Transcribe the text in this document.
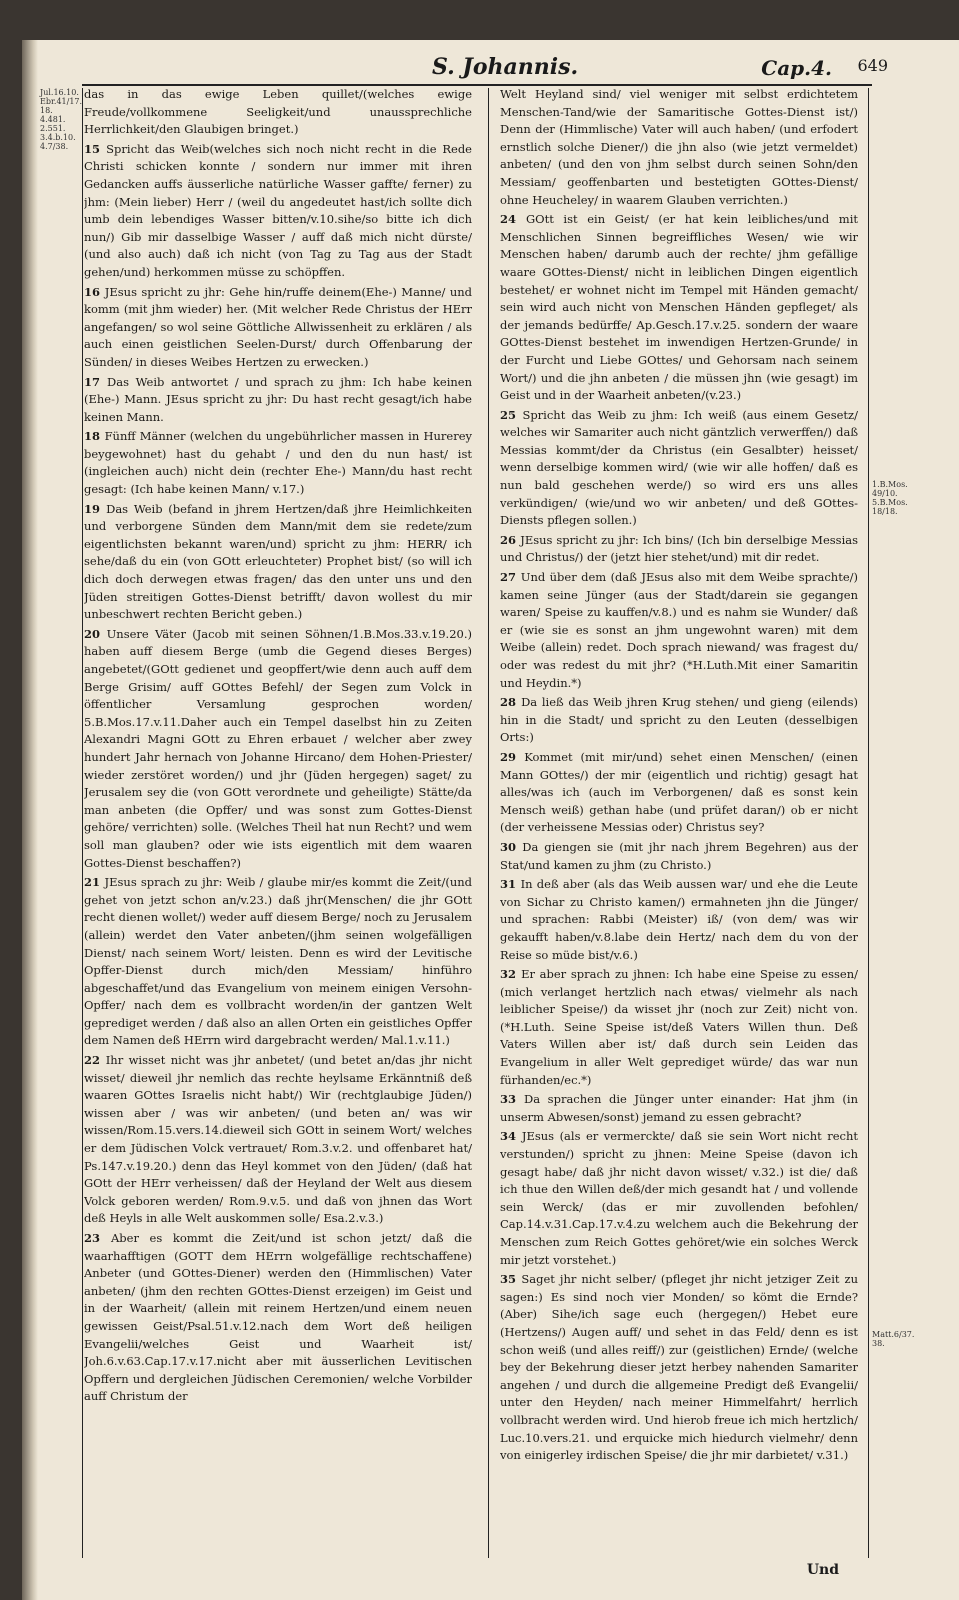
S. Johannis.	Cap.4. 649
Jul.16.10. Ebr.41/17. 18. 4.481. 2.551. 3.4.b.10. 4.7/38.
1.B.Mos. 49/10. 5.B.Mos. 18/18.
Matt.6/37. 38.

das in das ewige Leben quillet/(welches ewige Freude/vollkommene Seeligkeit/und unaussprechliche Herrlichkeit/den Glaubigen bringet.)

15 Spricht das Weib(welches sich noch nicht recht in die Rede Christi schicken konnte / sondern nur immer mit ihren Gedancken auffs äusserliche natürliche Wasser gaffte/ ferner) zu jhm: (Mein lieber) Herr / (weil du angedeutet hast/ich sollte dich umb dein lebendiges Wasser bitten/v.10.sihe/so bitte ich dich nun/) Gib mir dasselbige Wasser / auff daß mich nicht dürste/ (und also auch) daß ich nicht (von Tag zu Tag aus der Stadt gehen/und) herkommen müsse zu schöpffen.

16 JEsus spricht zu jhr: Gehe hin/ruffe deinem(Ehe-) Manne/ und komm (mit jhm wieder) her. (Mit welcher Rede Christus der HErr angefangen/ so wol seine Göttliche Allwissenheit zu erklären / als auch einen geistlichen Seelen-Durst/ durch Offenbarung der Sünden/ in dieses Weibes Hertzen zu erwecken.)

17 Das Weib antwortet / und sprach zu jhm: Ich habe keinen (Ehe-) Mann. JEsus spricht zu jhr: Du hast recht gesagt/ich habe keinen Mann.

18 Fünff Männer (welchen du ungebührlicher massen in Hurerey beygewohnet) hast du gehabt / und den du nun hast/ ist (ingleichen auch) nicht dein (rechter Ehe-) Mann/du hast recht gesagt: (Ich habe keinen Mann/ v.17.)

19 Das Weib (befand in jhrem Hertzen/daß jhre Heimlichkeiten und verborgene Sünden dem Mann/mit dem sie redete/zum eigentlichsten bekannt waren/und) spricht zu jhm: HERR/ ich sehe/daß du ein (von GOtt erleuchteter) Prophet bist/ (so will ich dich doch derwegen etwas fragen/ das den unter uns und den Jüden streitigen Gottes-Dienst betrifft/ davon wollest du mir unbeschwert rechten Bericht geben.)

20 Unsere Väter (Jacob mit seinen Söhnen/1.B.Mos.33.v.19.20.) haben auff diesem Berge (umb die Gegend dieses Berges) angebetet/(GOtt gedienet und geopffert/wie denn auch auff dem Berge Grisim/ auff GOttes Befehl/ der Segen zum Volck in öffentlicher Versamlung gesprochen worden/ 5.B.Mos.17.v.11.Daher auch ein Tempel daselbst hin zu Zeiten Alexandri Magni GOtt zu Ehren erbauet / welcher aber zwey hundert Jahr hernach von Johanne Hircano/ dem Hohen-Priester/ wieder zerstöret worden/) und jhr (Jüden hergegen) saget/ zu Jerusalem sey die (von GOtt verordnete und geheiligte) Stätte/da man anbeten (die Opffer/ und was sonst zum Gottes-Dienst gehöre/ verrichten) solle. (Welches Theil hat nun Recht? und wem soll man glauben? oder wie ists eigentlich mit dem waaren Gottes-Dienst beschaffen?)

21 JEsus sprach zu jhr: Weib / glaube mir/es kommt die Zeit/(und gehet von jetzt schon an/v.23.) daß jhr(Menschen/ die jhr GOtt recht dienen wollet/) weder auff diesem Berge/ noch zu Jerusalem (allein) werdet den Vater anbeten/(jhm seinen wolgefälligen Dienst/ nach seinem Wort/ leisten. Denn es wird der Levitische Opffer-Dienst durch mich/den Messiam/ hinführo abgeschaffet/und das Evangelium von meinem einigen Versohn-Opffer/ nach dem es vollbracht worden/in der gantzen Welt geprediget werden / daß also an allen Orten ein geistliches Opffer dem Namen deß HErrn wird dargebracht werden/ Mal.1.v.11.)

22 Ihr wisset nicht was jhr anbetet/ (und betet an/das jhr nicht wisset/ dieweil jhr nemlich das rechte heylsame Erkänntniß deß waaren GOttes Israelis nicht habt/) Wir (rechtglaubige Jüden/) wissen aber / was wir anbeten/ (und beten an/ was wir wissen/Rom.15.vers.14.dieweil sich GOtt in seinem Wort/ welches er dem Jüdischen Volck vertrauet/ Rom.3.v.2. und offenbaret hat/ Ps.147.v.19.20.) denn das Heyl kommet von den Jüden/ (daß hat GOtt der HErr verheissen/ daß der Heyland der Welt aus diesem Volck geboren werden/ Rom.9.v.5. und daß von jhnen das Wort deß Heyls in alle Welt auskommen solle/ Esa.2.v.3.)

23 Aber es kommt die Zeit/und ist schon jetzt/ daß die waarhafftigen (GOTT dem HErrn wolgefällige rechtschaffene) Anbeter (und GOttes-Diener) werden den (Himmlischen) Vater anbeten/ (jhm den rechten GOttes-Dienst erzeigen) im Geist und in der Waarheit/ (allein mit reinem Hertzen/und einem neuen gewissen Geist/Psal.51.v.12.nach dem Wort deß heiligen Evangelii/welches Geist und Waarheit ist/ Joh.6.v.63.Cap.17.v.17.nicht aber mit äusserlichen Levitischen Opffern und dergleichen Jüdischen Ceremonien/ welche Vorbilder auff Christum der

Welt Heyland sind/ viel weniger mit selbst erdichtetem Menschen-Tand/wie der Samaritische Gottes-Dienst ist/) Denn der (Himmlische) Vater will auch haben/ (und erfodert ernstlich solche Diener/) die jhn also (wie jetzt vermeldet) anbeten/ (und den von jhm selbst durch seinen Sohn/den Messiam/ geoffenbarten und bestetigten GOttes-Dienst/ ohne Heucheley/ in waarem Glauben verrichten.)

24 GOtt ist ein Geist/ (er hat kein leibliches/und mit Menschlichen Sinnen begreiffliches Wesen/ wie wir Menschen haben/ darumb auch der rechte/ jhm gefällige waare GOttes-Dienst/ nicht in leiblichen Dingen eigentlich bestehet/ er wohnet nicht im Tempel mit Händen gemacht/ sein wird auch nicht von Menschen Händen gepfleget/ als der jemands bedürffe/ Ap.Gesch.17.v.25. sondern der waare GOttes-Dienst bestehet im inwendigen Hertzen-Grunde/ in der Furcht und Liebe GOttes/ und Gehorsam nach seinem Wort/) und die jhn anbeten / die müssen jhn (wie gesagt) im Geist und in der Waarheit anbeten/(v.23.)

25 Spricht das Weib zu jhm: Ich weiß (aus einem Gesetz/ welches wir Samariter auch nicht gäntzlich verwerffen/) daß Messias kommt/der da Christus (ein Gesalbter) heisset/ wenn derselbige kommen wird/ (wie wir alle hoffen/ daß es nun bald geschehen werde/) so wird ers uns alles verkündigen/ (wie/und wo wir anbeten/ und deß GOttes-Diensts pflegen sollen.)

26 JEsus spricht zu jhr: Ich bins/ (Ich bin derselbige Messias und Christus/) der (jetzt hier stehet/und) mit dir redet.

27 Und über dem (daß JEsus also mit dem Weibe sprachte/) kamen seine Jünger (aus der Stadt/darein sie gegangen waren/ Speise zu kauffen/v.8.) und es nahm sie Wunder/ daß er (wie sie es sonst an jhm ungewohnt waren) mit dem Weibe (allein) redet. Doch sprach niewand/ was fragest du/ oder was redest du mit jhr? (*H.Luth.Mit einer Samaritin und Heydin.*)

28 Da ließ das Weib jhren Krug stehen/ und gieng (eilends) hin in die Stadt/ und spricht zu den Leuten (desselbigen Orts:)

29 Kommet (mit mir/und) sehet einen Menschen/ (einen Mann GOttes/) der mir (eigentlich und richtig) gesagt hat alles/was ich (auch im Verborgenen/ daß es sonst kein Mensch weiß) gethan habe (und prüfet daran/) ob er nicht (der verheissene Messias oder) Christus sey?

30 Da giengen sie (mit jhr nach jhrem Begehren) aus der Stat/und kamen zu jhm (zu Christo.)

31 In deß aber (als das Weib aussen war/ und ehe die Leute von Sichar zu Christo kamen/) ermahneten jhn die Jünger/ und sprachen: Rabbi (Meister) iß/ (von dem/ was wir gekaufft haben/v.8.labe dein Hertz/ nach dem du von der Reise so müde bist/v.6.)

32 Er aber sprach zu jhnen: Ich habe eine Speise zu essen/ (mich verlanget hertzlich nach etwas/ vielmehr als nach leiblicher Speise/) da wisset jhr (noch zur Zeit) nicht von. (*H.Luth. Seine Speise ist/deß Vaters Willen thun. Deß Vaters Willen aber ist/ daß durch sein Leiden das Evangelium in aller Welt geprediget würde/ das war nun fürhanden/ec.*)

33 Da sprachen die Jünger unter einander: Hat jhm (in unserm Abwesen/sonst) jemand zu essen gebracht?

34 JEsus (als er vermerckte/ daß sie sein Wort nicht recht verstunden/) spricht zu jhnen: Meine Speise (davon ich gesagt habe/ daß jhr nicht davon wisset/ v.32.) ist die/ daß ich thue den Willen deß/der mich gesandt hat / und vollende sein Werck/ (das er mir zuvollenden befohlen/ Cap.14.v.31.Cap.17.v.4.zu welchem auch die Bekehrung der Menschen zum Reich Gottes gehöret/wie ein solches Werck mir jetzt vorstehet.)

35 Saget jhr nicht selber/ (pfleget jhr nicht jetziger Zeit zu sagen:) Es sind noch vier Monden/ so kömt die Ernde? (Aber) Sihe/ich sage euch (hergegen/) Hebet eure (Hertzens/) Augen auff/ und sehet in das Feld/ denn es ist schon weiß (und alles reiff/) zur (geistlichen) Ernde/ (welche bey der Bekehrung dieser jetzt herbey nahenden Samariter angehen / und durch die allgemeine Predigt deß Evangelii/ unter den Heyden/ nach meiner Himmelfahrt/ herrlich vollbracht werden wird. Und hierob freue ich mich hertzlich/ Luc.10.vers.21. und erquicke mich hiedurch vielmehr/ denn von einigerley irdischen Speise/ die jhr mir darbietet/ v.31.)

Und
